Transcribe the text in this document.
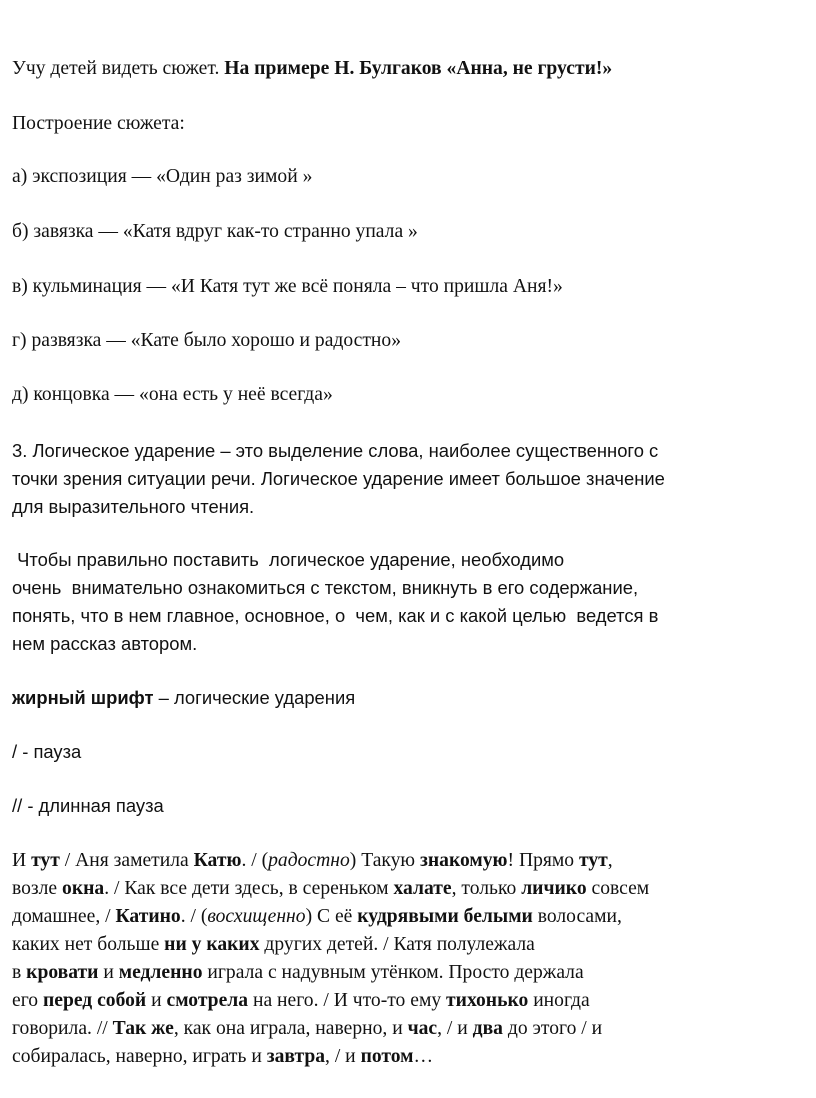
Учу детей видеть сюжет. На примере Н. Булгаков «Анна, не грусти!»
Построение сюжета:
а) экспозиция — «Один раз зимой »
б) завязка — «Катя вдруг как-то странно упала »
в) кульминация — «И Катя тут же всё поняла – что пришла Аня!»
г) развязка — «Кате было хорошо и радостно»
д) концовка — «она есть у неё всегда»
3. Логическое ударение – это выделение слова, наиболее существенного с
точки зрения ситуации речи. Логическое ударение имеет большое значение
для выразительного чтения.
Чтобы правильно поставить  логическое ударение, необходимо
очень  внимательно ознакомиться с текстом, вникнуть в его содержание,
понять, что в нем главное, основное, о  чем, как и с какой целью  ведется в
нем рассказ автором.
жирный шрифт – логические ударения
/ - пауза
// - длинная пауза
И тут / Аня заметила Катю. / (радостно) Такую знакомую! Прямо тут,
возле окна. / Как все дети здесь, в сереньком халате, только личико совсем
домашнее, / Катино. / (восхищенно) С её кудрявыми белыми волосами,
каких нет больше ни у каких других детей. / Катя полулежала
в кровати и медленно играла с надувным утёнком. Просто держала
его перед собой и смотрела на него. / И что-то ему тихонько иногда
говорила. // Так же, как она играла, наверно, и час, / и два до этого / и
собиралась, наверно, играть и завтра, / и потом…
